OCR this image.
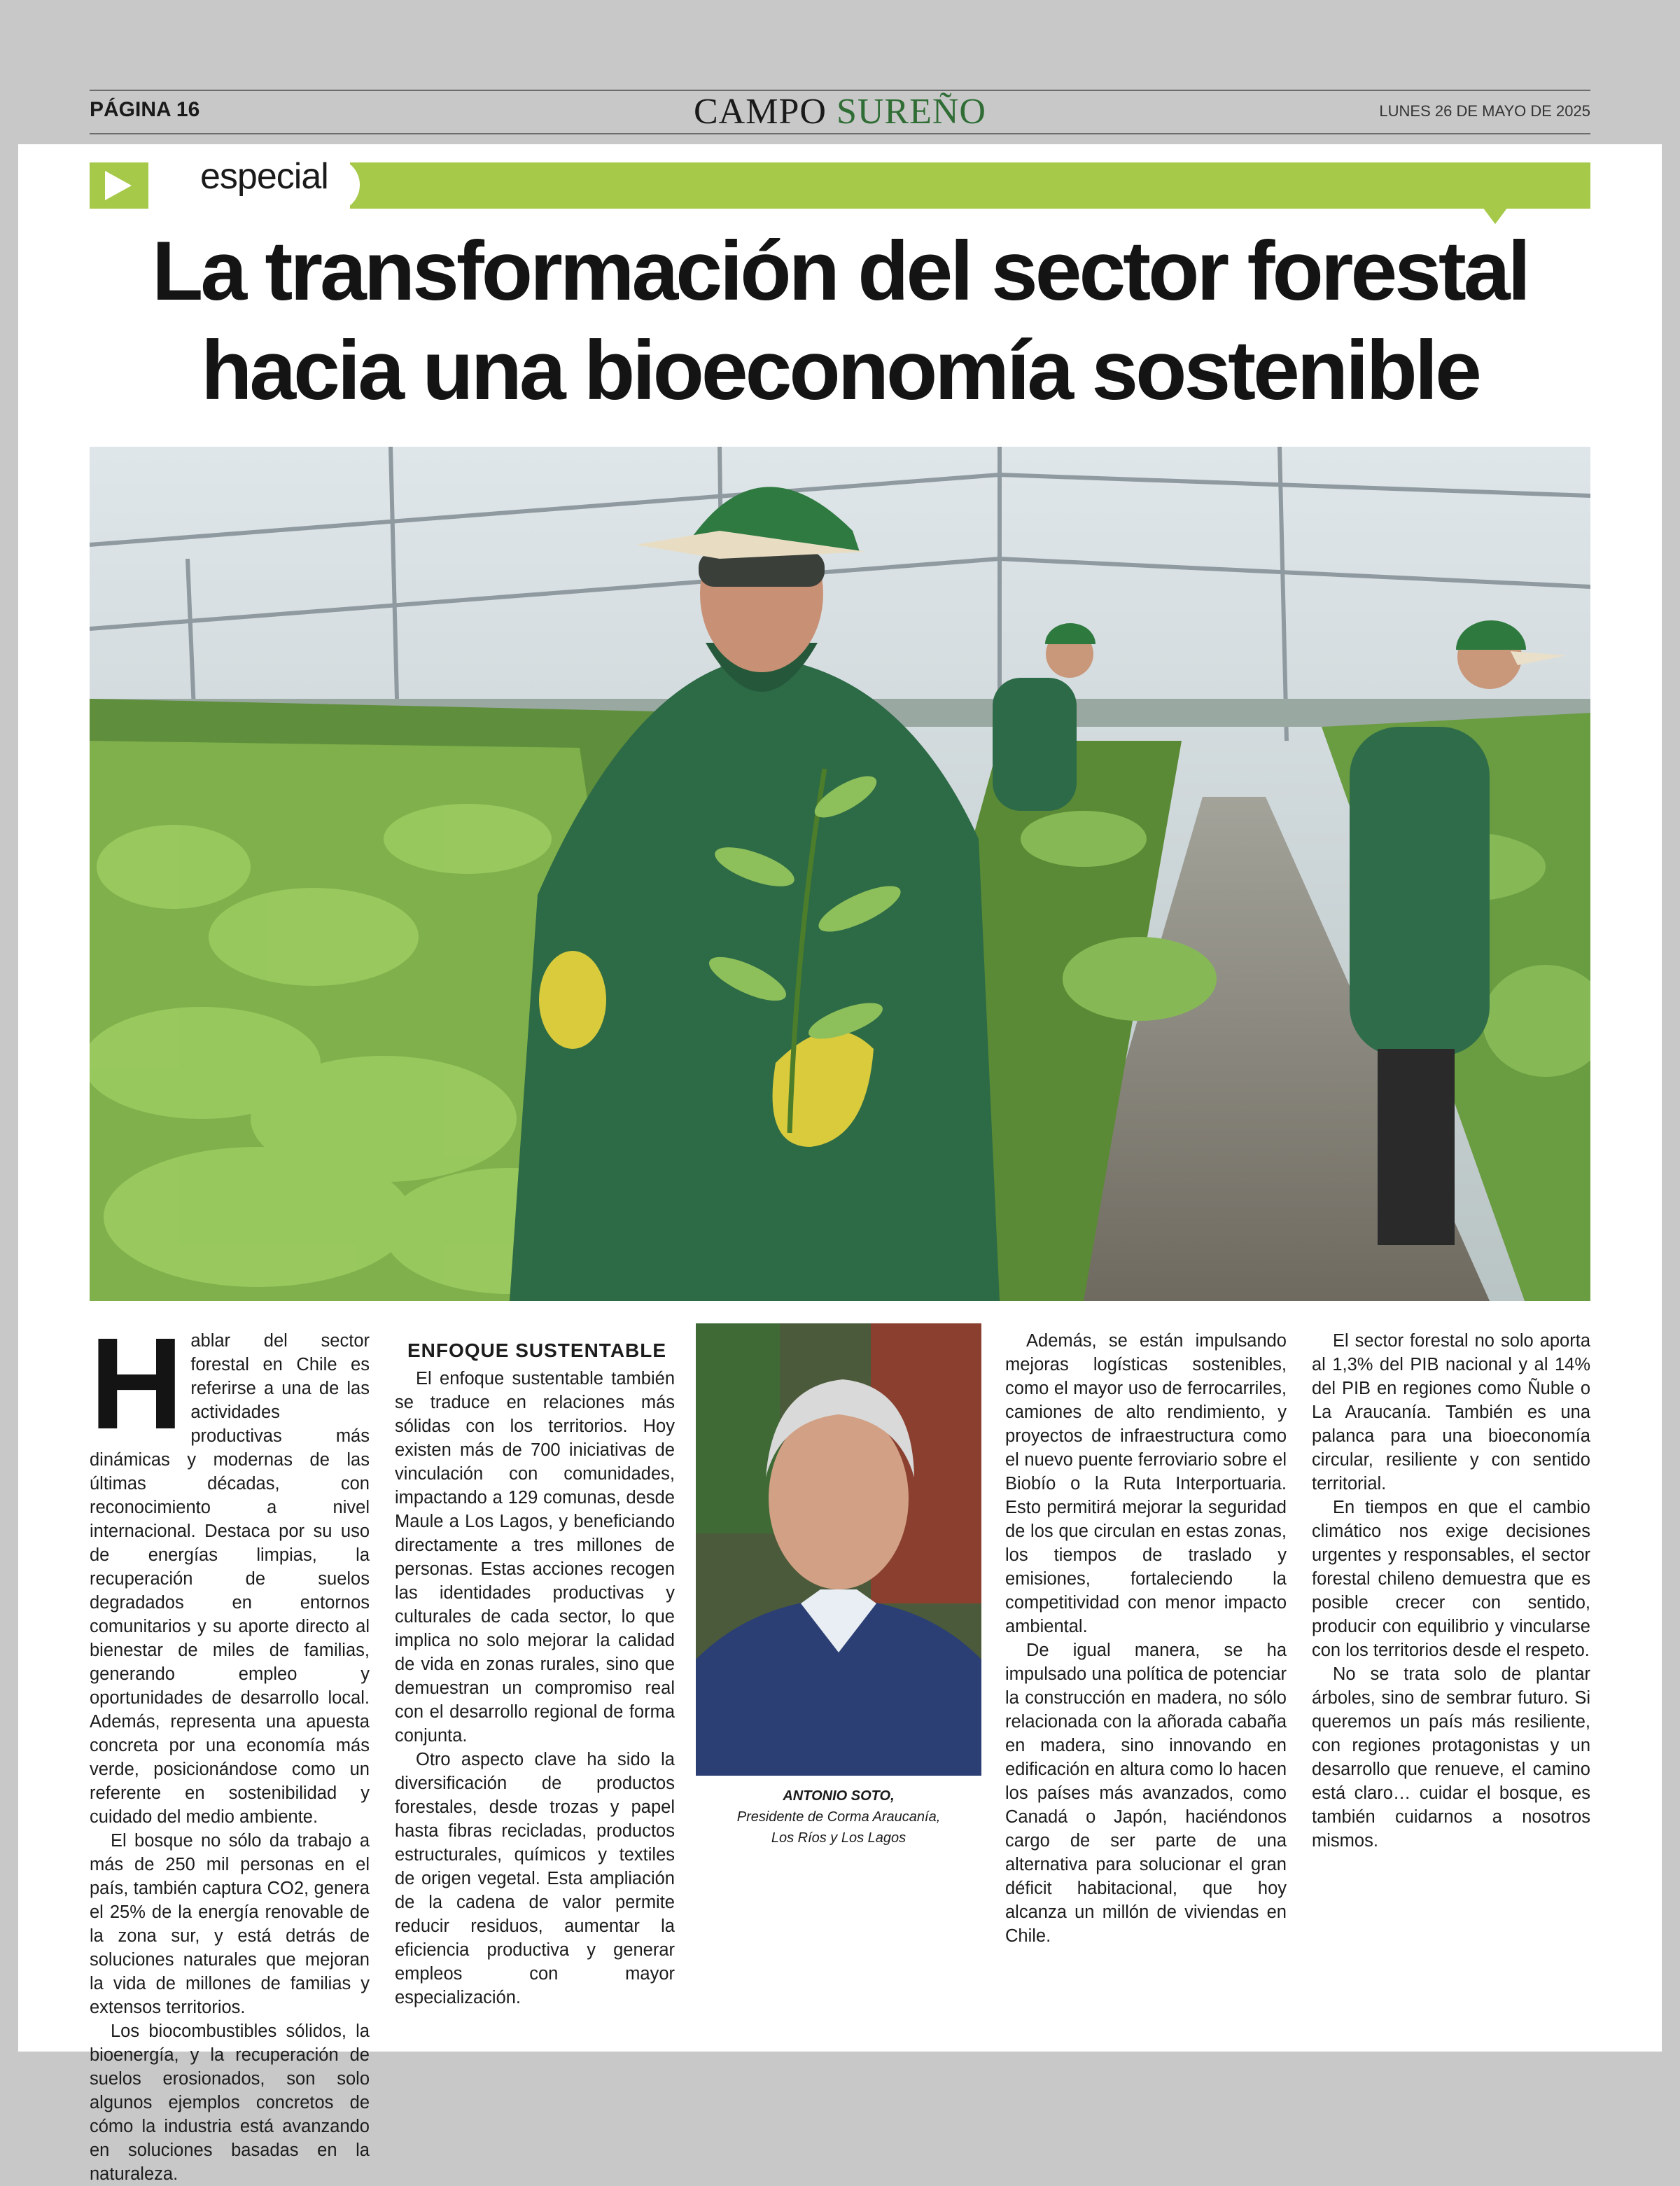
PÁGINA 16	CAMPO SUREÑO	LUNES 26 DE MAYO DE 2025
especial
La transformación del sector forestal
hacia una bioeconomía sostenible
H ablar del sector forestal en Chile es referirse a una de las actividades productivas más dinámicas y modernas de las últimas décadas, con reconocimiento a nivel internacional. Destaca por su uso de energías limpias, la recuperación de suelos degradados en entornos comunitarios y su aporte directo al bienestar de miles de familias, generando empleo y oportunidades de desarrollo local. Además, representa una apuesta concreta por una economía más verde, posicionándose como un referente en sostenibilidad y cuidado del medio ambiente.

El bosque no sólo da trabajo a más de 250 mil personas en el país, también captura CO2, genera el 25% de la energía renovable de la zona sur, y está detrás de soluciones naturales que mejoran la vida de millones de familias y extensos territorios.

Los biocombustibles sólidos, la bioenergía, y la recuperación de suelos erosionados, son solo algunos ejemplos concretos de cómo la industria está avanzando en soluciones basadas en la naturaleza.

ENFOQUE SUSTENTABLE

El enfoque sustentable también se traduce en relaciones más sólidas con los territorios. Hoy existen más de 700 iniciativas de vinculación con comunidades, impactando a 129 comunas, desde Maule a Los Lagos, y beneficiando directamente a tres millones de personas. Estas acciones recogen las identidades productivas y culturales de cada sector, lo que implica no solo mejorar la calidad de vida en zonas rurales, sino que demuestran un compromiso real con el desarrollo regional de forma conjunta.

Otro aspecto clave ha sido la diversificación de productos forestales, desde trozas y papel hasta fibras recicladas, productos estructurales, químicos y textiles de origen vegetal. Esta ampliación de la cadena de valor permite reducir residuos, aumentar la eficiencia productiva y generar empleos con mayor especialización.

ANTONIO SOTO,
Presidente de Corma Araucanía,
Los Ríos y Los Lagos

Además, se están impulsando mejoras logísticas sostenibles, como el mayor uso de ferrocarriles, camiones de alto rendimiento, y proyectos de infraestructura como el nuevo puente ferroviario sobre el Biobío o la Ruta Interportuaria. Esto permitirá mejorar la seguridad de los que circulan en estas zonas, los tiempos de traslado y emisiones, fortaleciendo la competitividad con menor impacto ambiental.

De igual manera, se ha impulsado una política de potenciar la construcción en madera, no sólo relacionada con la añorada cabaña en madera, sino innovando en edificación en altura como lo hacen los países más avanzados, como Canadá o Japón, haciéndonos cargo de ser parte de una alternativa para solucionar el gran déficit habitacional, que hoy alcanza un millón de viviendas en Chile.

El sector forestal no solo aporta al 1,3% del PIB nacional y al 14% del PIB en regiones como Ñuble o La Araucanía. También es una palanca para una bioeconomía circular, resiliente y con sentido territorial.

En tiempos en que el cambio climático nos exige decisiones urgentes y responsables, el sector forestal chileno demuestra que es posible crecer con sentido, producir con equilibrio y vincularse con los territorios desde el respeto.

No se trata solo de plantar árboles, sino de sembrar futuro. Si queremos un país más resiliente, con regiones protagonistas y un desarrollo que renueve, el camino está claro… cuidar el bosque, es también cuidarnos a nosotros mismos.
